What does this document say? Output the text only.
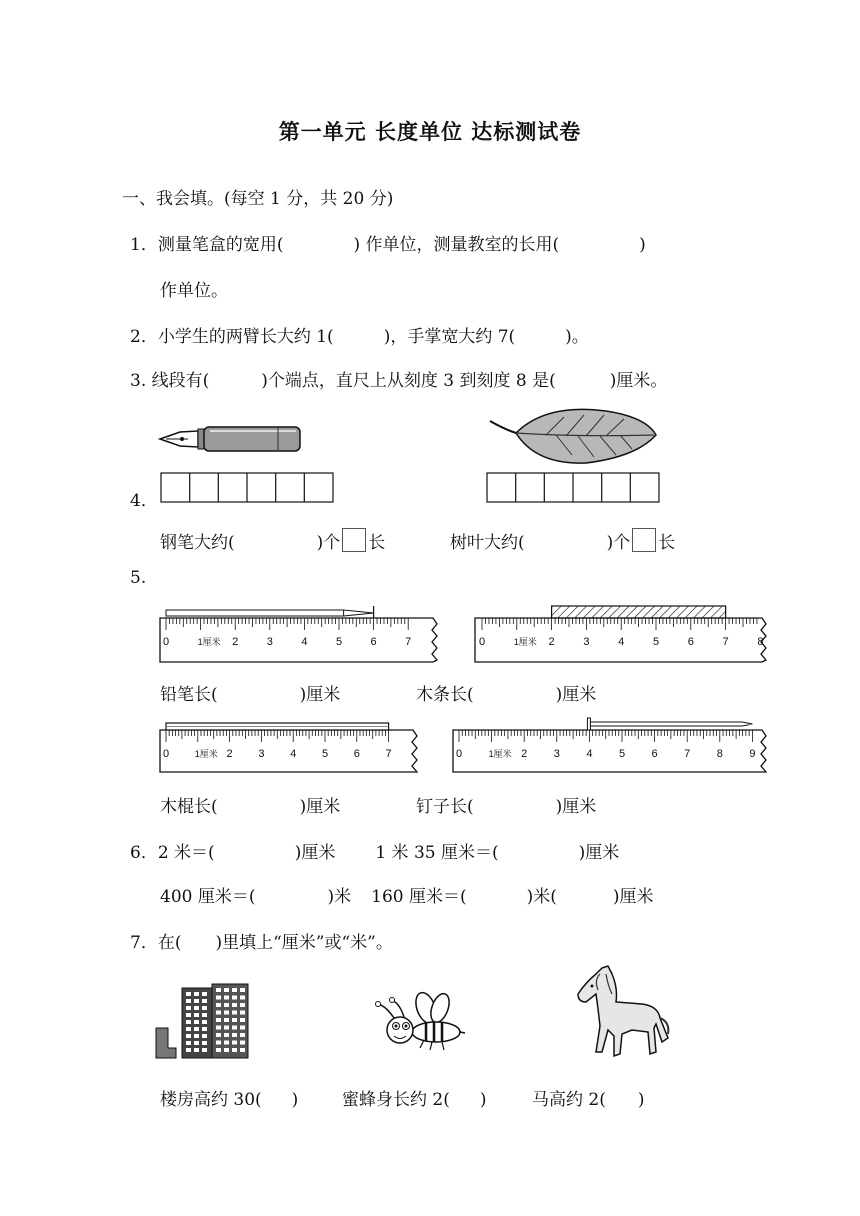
第一单元 长度单位 达标测试卷
一、我会填。(每空 1 分，共 20 分)
1．测量笔盒的宽用(	) 作单位，测量教室的长用(	)
作单位。
2．小学生的两臂长大约 1(	)，手掌宽大约 7(	)。
3. 线段有(	)个端点，直尺上从刻度 3 到刻度 8 是(	)厘米。
4．
钢笔大约(	)个 长	树叶大约(	)个 长
5.
0	1厘米 2	3	4	5	6	7	0	1厘米 2	3	4	5	6	7	8
0	1厘米 2 3 4 5 6 7	0	1厘米 2 3 4 5 6 7 8 9
铅笔长(	)厘米	木条长(	)厘米
木棍长(	)厘米	钉子长(	)厘米
6．2 米＝(	)厘米 1 米 35 厘米＝(	)厘米
400 厘米＝(	)米 160 厘米＝(	)米(	)厘米
7．在(　　)里填上“厘米”或“米”。
楼房高约 30( )	蜜蜂身长约 2( )	马高约 2( )
